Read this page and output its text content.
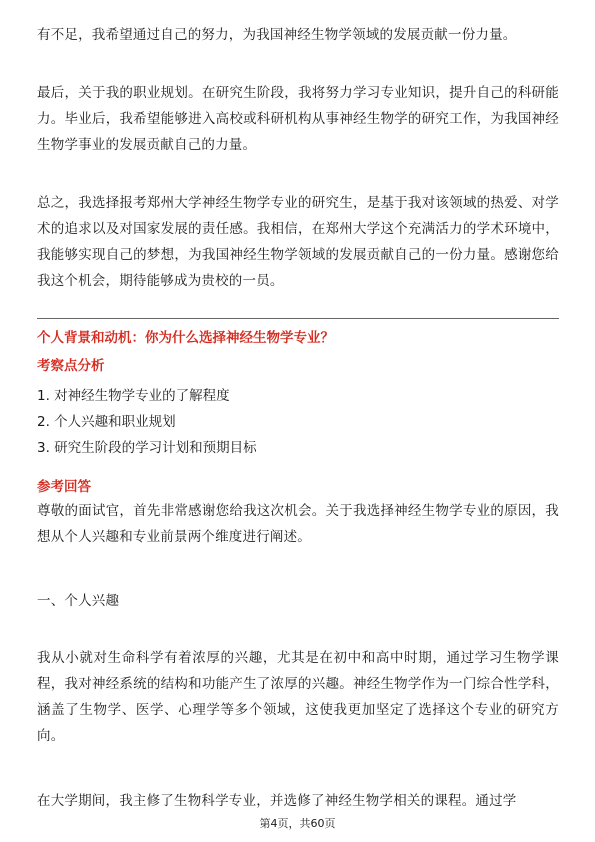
有不足，我希望通过自己的努力，为我国神经生物学领域的发展贡献一份力量。

最后，关于我的职业规划。在研究生阶段，我将努力学习专业知识，提升自己的科研能力。毕业后，我希望能够进入高校或科研机构从事神经生物学的研究工作，为我国神经生物学事业的发展贡献自己的力量。

总之，我选择报考郑州大学神经生物学专业的研究生，是基于我对该领域的热爱、对学术的追求以及对国家发展的责任感。我相信，在郑州大学这个充满活力的学术环境中，我能够实现自己的梦想，为我国神经生物学领域的发展贡献自己的一份力量。感谢您给我这个机会，期待能够成为贵校的一员。

个人背景和动机：你为什么选择神经生物学专业？

考察点分析

1. 对神经生物学专业的了解程度
2. 个人兴趣和职业规划
3. 研究生阶段的学习计划和预期目标

参考回答

尊敬的面试官，首先非常感谢您给我这次机会。关于我选择神经生物学专业的原因，我想从个人兴趣和专业前景两个维度进行阐述。

一、个人兴趣

我从小就对生命科学有着浓厚的兴趣，尤其是在初中和高中时期，通过学习生物学课程，我对神经系统的结构和功能产生了浓厚的兴趣。神经生物学作为一门综合性学科，涵盖了生物学、医学、心理学等多个领域，这使我更加坚定了选择这个专业的研究方向。

在大学期间，我主修了生物科学专业，并选修了神经生物学相关的课程。通过学

第4页，共60页
